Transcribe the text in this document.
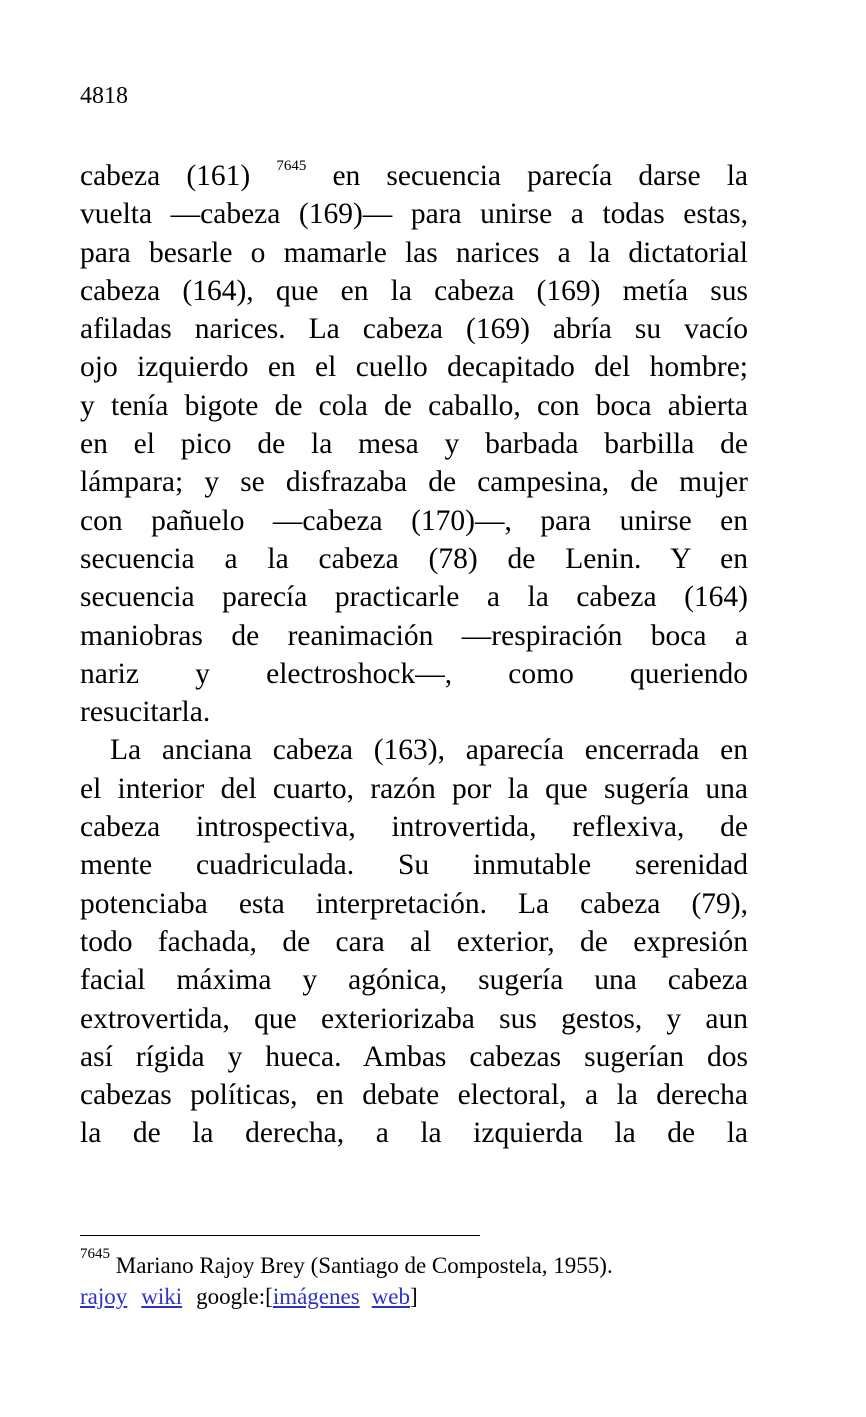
4818
cabeza (161) $^{7645}$ en secuencia parecía darse la
vuelta —cabeza (169)— para unirse a todas estas,
para besarle o mamarle las narices a la dictatorial
cabeza (164), que en la cabeza (169) metía sus
afiladas narices. La cabeza (169) abría su vacío
ojo izquierdo en el cuello decapitado del hombre;
y tenía bigote de cola de caballo, con boca abierta
en el pico de la mesa y barbada barbilla de
lámpara; y se disfrazaba de campesina, de mujer
con pañuelo —cabeza (170)—, para unirse en
secuencia a la cabeza (78) de Lenin. Y en
secuencia parecía practicarle a la cabeza (164)
maniobras de reanimación —respiración boca a
nariz y electroshock—, como queriendo
resucitarla.
La anciana cabeza (163), aparecía encerrada en
el interior del cuarto, razón por la que sugería una
cabeza introspectiva, introvertida, reflexiva, de
mente cuadriculada. Su inmutable serenidad
potenciaba esta interpretación. La cabeza (79),
todo fachada, de cara al exterior, de expresión
facial máxima y agónica, sugería una cabeza
extrovertida, que exteriorizaba sus gestos, y aun
así rígida y hueca. Ambas cabezas sugerían dos
cabezas políticas, en debate electoral, a la derecha
la de la derecha, a la izquierda la de la
$^{7645}$ Mariano Rajoy Brey (Santiago de Compostela, 1955).
rajoy wiki google:[imágenes web]
